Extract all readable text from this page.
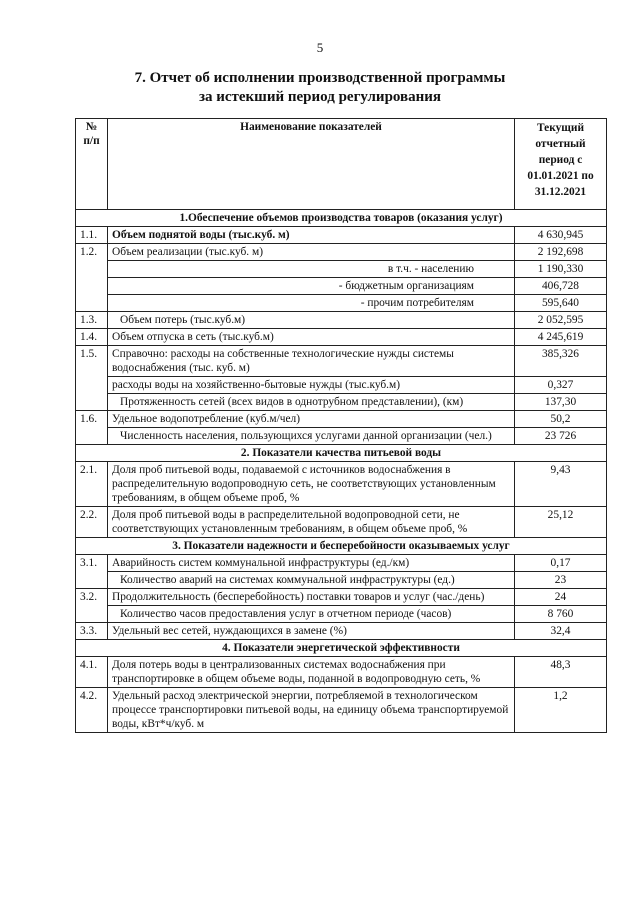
5
7. Отчет об исполнении производственной программы
за истекший период регулирования
№ п/п	Наименование показателей	Текущий отчетный период с 01.01.2021 по 31.12.2021
1.Обеспечение объемов производства товаров (оказания услуг)		
1.1.	Объем поднятой воды (тыс.куб. м)	4 630,945
1.2.	Объем реализации (тыс.куб. м)	2 192,698
	в т.ч. - населению	1 190,330
	- бюджетным организациям	406,728
	- прочим потребителям	595,640
1.3.	Объем потерь (тыс.куб.м)	2 052,595
1.4.	Объем отпуска в сеть (тыс.куб.м)	4 245,619
1.5.	Справочно: расходы на собственные технологические нужды системы водоснабжения (тыс. куб. м)	385,326
	расходы воды на хозяйственно-бытовые нужды (тыс.куб.м)	0,327
	Протяженность сетей (всех видов в однотрубном представлении), (км)	137,30
1.6.	Удельное водопотребление (куб.м/чел)	50,2
	Численность населения, пользующихся услугами данной организации (чел.)	23 726
2. Показатели качества питьевой воды		
2.1.	Доля проб питьевой воды, подаваемой с источников водоснабжения в распределительную водопроводную сеть, не соответствующих установленным требованиям, в общем объеме проб, %	9,43
2.2.	Доля проб питьевой воды в распределительной водопроводной сети, не соответствующих установленным требованиям, в общем объеме проб, %	25,12
3. Показатели надежности и бесперебойности оказываемых услуг		
3.1.	Аварийность систем коммунальной инфраструктуры (ед./км)	0,17
	Количество аварий на системах коммунальной инфраструктуры (ед.)	23
3.2.	Продолжительность (бесперебойность) поставки товаров и услуг (час./день)	24
	Количество часов предоставления услуг в отчетном периоде (часов)	8 760
3.3.	Удельный вес сетей, нуждающихся в замене (%)	32,4
4. Показатели энергетической эффективности		
4.1.	Доля потерь воды в централизованных системах водоснабжения при транспортировке в общем объеме воды, поданной в водопроводную сеть, %	48,3
4.2.	Удельный расход электрической энергии, потребляемой в технологическом процессе транспортировки питьевой воды, на единицу объема транспортируемой воды, кВт*ч/куб. м	1,2
